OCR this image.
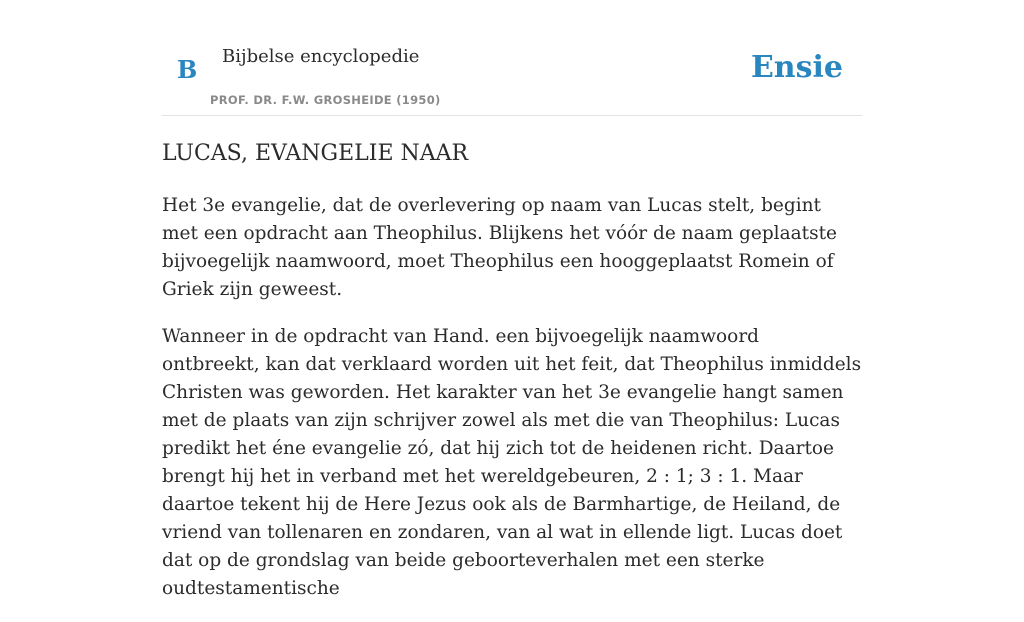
B Bijbelse encyclopedie
PROF. DR. F.W. GROSHEIDE (1950)
Ensie
LUCAS, EVANGELIE NAAR

Het 3e evangelie, dat de overlevering op naam van Lucas stelt, begint met een opdracht aan Theophilus. Blijkens het vóór de naam geplaatste bijvoegelijk naamwoord, moet Theophilus een hooggeplaatst Romein of Griek zijn geweest.

Wanneer in de opdracht van Hand. een bijvoegelijk naamwoord ontbreekt, kan dat verklaard worden uit het feit, dat Theophilus inmiddels Christen was geworden. Het karakter van het 3e evangelie hangt samen met de plaats van zijn schrijver zowel als met die van Theophilus: Lucas predikt het éne evangelie zó, dat hij zich tot de heidenen richt. Daartoe brengt hij het in verband met het wereldgebeuren, 2 : 1; 3 : 1. Maar daartoe tekent hij de Here Jezus ook als de Barmhartige, de Heiland, de vriend van tollenaren en zondaren, van al wat in ellende ligt. Lucas doet dat op de grondslag van beide geboorteverhalen met een sterke oudtestamentische
